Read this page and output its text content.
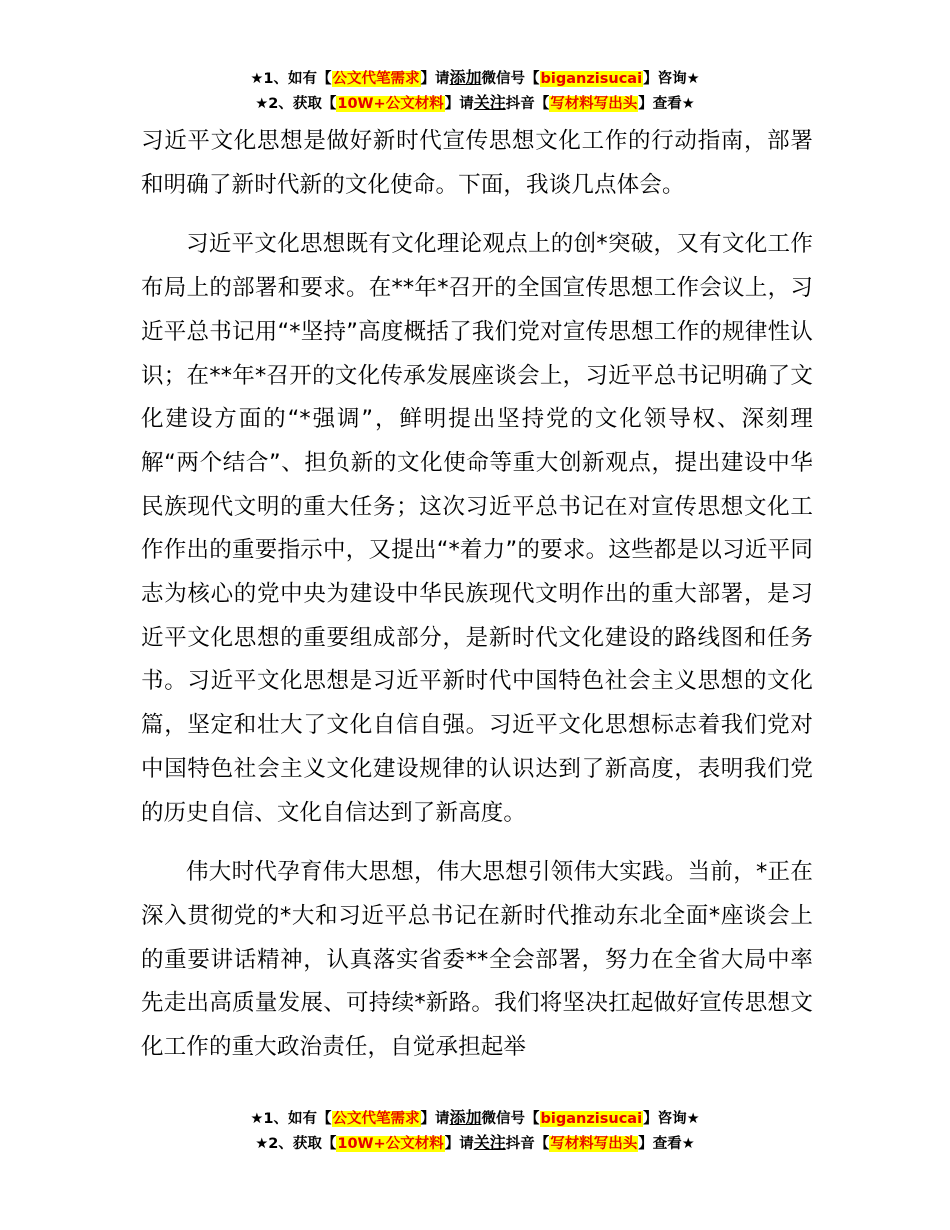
★1、如有【公文代笔需求】请添加微信号【biganzisucai】咨询★
★2、获取【10W+公文材料】请关注抖音【写材料写出头】查看★

习近平文化思想是做好新时代宣传思想文化工作的行动指南，部署和明确了新时代新的文化使命。下面，我谈几点体会。

习近平文化思想既有文化理论观点上的创*突破，又有文化工作布局上的部署和要求。在**年*召开的全国宣传思想工作会议上，习近平总书记用“*坚持”高度概括了我们党对宣传思想工作的规律性认识；在**年*召开的文化传承发展座谈会上，习近平总书记明确了文化建设方面的“*强调”，鲜明提出坚持党的文化领导权、深刻理解“两个结合”、担负新的文化使命等重大创新观点，提出建设中华民族现代文明的重大任务；这次习近平总书记在对宣传思想文化工作作出的重要指示中，又提出“*着力”的要求。这些都是以习近平同志为核心的党中央为建设中华民族现代文明作出的重大部署，是习近平文化思想的重要组成部分，是新时代文化建设的路线图和任务书。习近平文化思想是习近平新时代中国特色社会主义思想的文化篇，坚定和壮大了文化自信自强。习近平文化思想标志着我们党对中国特色社会主义文化建设规律的认识达到了新高度，表明我们党的历史自信、文化自信达到了新高度。

伟大时代孕育伟大思想，伟大思想引领伟大实践。当前，*正在深入贯彻党的*大和习近平总书记在新时代推动东北全面*座谈会上的重要讲话精神，认真落实省委**全会部署，努力在全省大局中率先走出高质量发展、可持续*新路。我们将坚决扛起做好宣传思想文化工作的重大政治责任，自觉承担起举

★1、如有【公文代笔需求】请添加微信号【biganzisucai】咨询★
★2、获取【10W+公文材料】请关注抖音【写材料写出头】查看★
